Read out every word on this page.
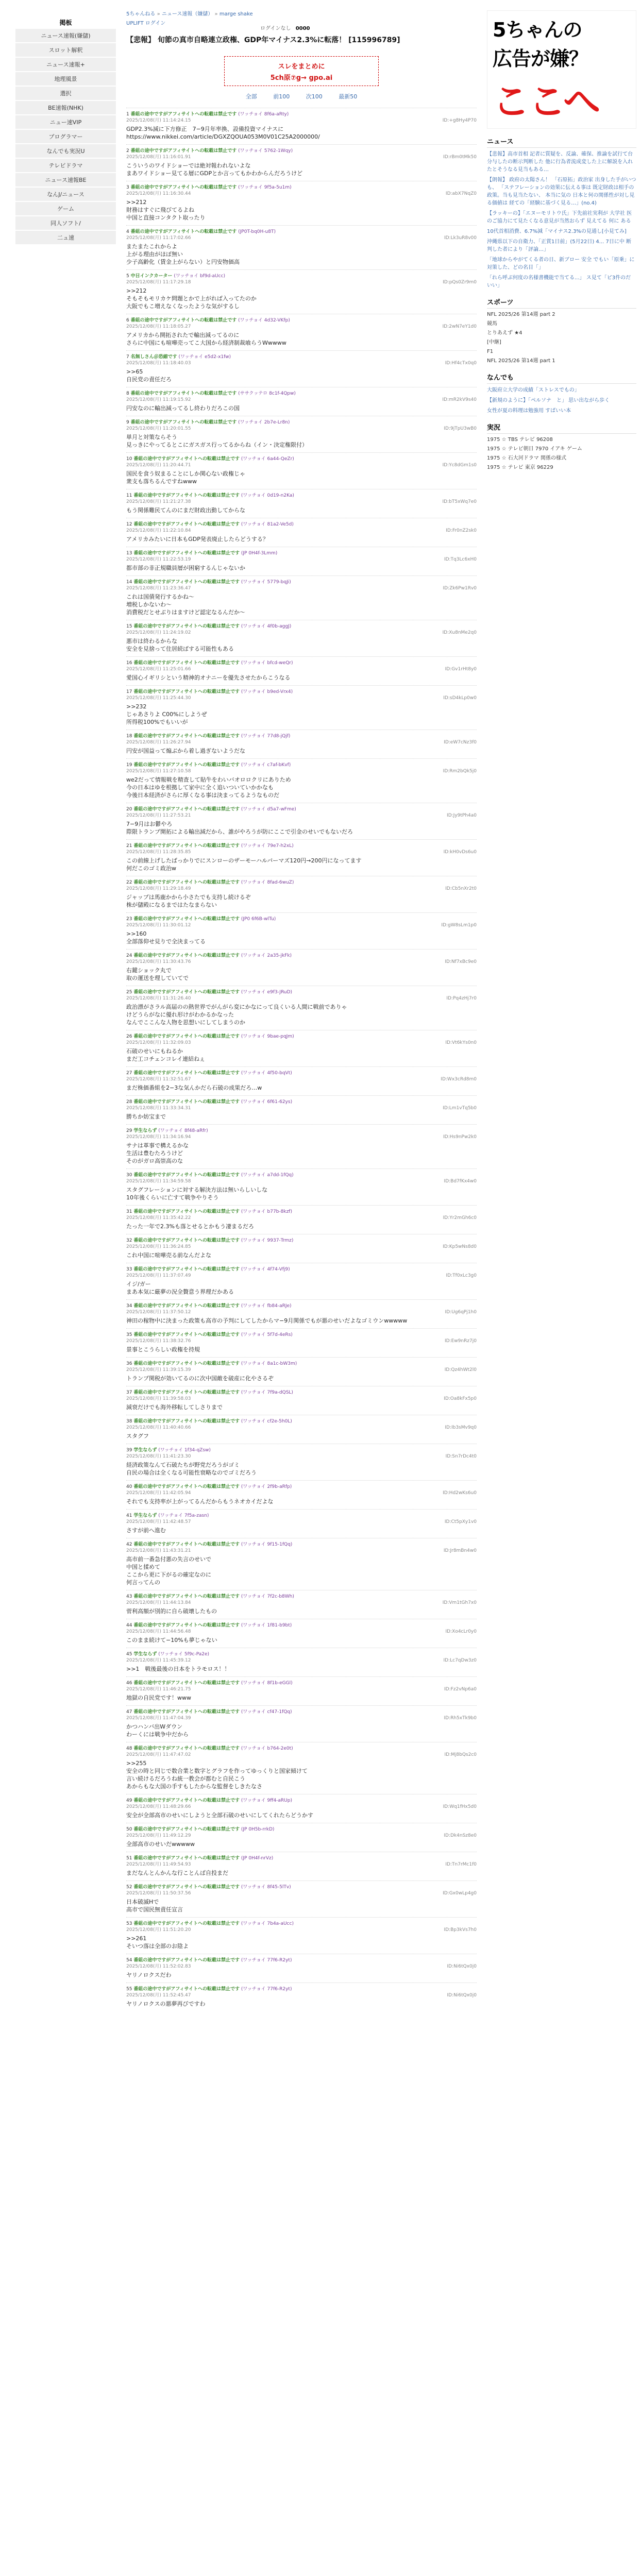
掲板
ニュース速報(嫌儲)
スロット解釈
ニュース速報+
地理風景
選択
BE速報(NHK)
ニュー速VIP
プログラマー
なんでも実況U
テレビドラマ
ニュース速報BE
なんJ/ニュース
ゲーム
同人ソフト/
二ュ速
5ちゃんねる » ニュース速報（嫌儲） » marge shake
UPLIFT ログイン
【悲報】 旬節の真市自略連立政権、GDP年マイナス2.3%に転落！ [115996789]
スレをまとめに
5ch原⑦g→ gpo.ai
全部	前100	次100	最新50
1 番組の途中ですがアフィサイトへの転載は禁止です (ワッチョイ 8f6a-aRty)
2025/12/08(月) 11:14:24.15	ID:+g8Hy4P70
GDP2.3%減に下方修正　7−9月年率換、設備投資マイナスに
https://www.nikkei.com/article/DGXZQOUA053M0V01C25A2000000/
2 番組の途中ですがアフィサイトへの転載は禁止です (ワッチョイ 5762-1Wqy)
2025/12/08(月) 11:16:01.91	ID:rBm0tMk50
こういうのワイドショーでは絶対報われないよな
まあワイドショー見てる層にGDPとか言ってもかわからんだろうけど
3 番組の途中ですがアフィサイトへの転載は禁止です (ワッチョイ 9f5a-5u1m)
2025/12/08(月) 11:16:30.44	ID:abX7NqZ0
>>212
財務はすぐに飛びてるよね
中国と直接コンタクト取ったり
4 番組の途中ですがアフィサイトへの転載は禁止です (JP0T-bq0H-u8T)
2025/12/08(月) 11:17:02.66	ID:Lk3uR8v00
またまたこれからよ
上がる理由がほぼ無い
少子高齢化（賃金上がらない）と円安物価高
5 中日インクカーター (ワッチョイ bf9d-aUcc)
2025/12/08(月) 11:17:29.18	ID:pQs0Zr9m0
>>212
そもそもモリカケ問題とかで上がれば入ってたのか
大阪でもこ増えなくなったような気がするし
6 番組の途中ですがアフィサイトへの転載は禁止です (ワッチョイ 4d32-VKfp)
2025/12/08(月) 11:18:05.27	ID:2wN7eY1d0
アメリカから開拓されたで輸出減ってるのに
さらに中国にも喧嘩売ってこ大国から経済制裁喰らうWwwww
7 名無しさん＠恐縮です (ワッチョイ e5d2-x1fw)
2025/12/08(月) 11:18:40.03	ID:Hf4cTx0q0
>>65
自民党の責任だろ
8 番組の途中ですがアフィサイトへの転載は禁止です (ササクッテロ 8c1f-4Qpw)
2025/12/08(月) 11:19:15.92	ID:mR2kV9s40
円安なのに輸出減ってるし終わりだろこの国
9 番組の途中ですがアフィサイトへの転載は禁止です (ワッチョイ 2b7e-Lr8n)
2025/12/08(月) 11:20:01.55	ID:9jTpU3wB0
単月と対策ならそう
見っきにやってるとこにガスガス行ってるからね（イン・決定権限付）
10 番組の途中ですがアフィサイトへの転載は禁止です (ワッチョイ 6a44-QeZr)
2025/12/08(月) 11:20:44.71	ID:Yc8dGm1s0
国民を食う奴まることにしか関心ない政権じゃ
衆支も落ちるんですねwww
11 番組の途中ですがアフィサイトへの転載は禁止です (ワッチョイ 0d19-n2Ka)
2025/12/08(月) 11:21:27.38	ID:bT5xWq7e0
もう関係難民てんのにまだ財政出動してからな
12 番組の途中ですがアフィサイトへの転載は禁止です (ワッチョイ 81a2-Ve5d)
2025/12/08(月) 11:22:10.84	ID:Fr0nZ2sk0
アメリカみたいに日本もGDP発表廃止したらどうする？
13 番組の途中ですがアフィサイトへの転載は禁止です (JP 0H4f-3Lmm)
2025/12/08(月) 11:22:53.19	ID:Tq3Lc6xH0
都市部の非正規職員層が困窮するんじゃないか
14 番組の途中ですがアフィサイトへの転載は禁止です (ワッチョイ 5779-bqJi)
2025/12/08(月) 11:23:36.47	ID:Zk6Pw1Rv0
これは国債発行するかね〜
増税しかないわ〜
消費税だとせぶりはますけど認定なるんだか〜
15 番組の途中ですがアフィサイトへの転載は禁止です (ワッチョイ 4f0b-aggJ)
2025/12/08(月) 11:24:19.02	ID:Xu8nMe2q0
悪市は終わるからな
安全を見捨って住居続ばする可能性もある
16 番組の途中ですがアフィサイトへの転載は禁止です (ワッチョイ bfcd-weQr)
2025/12/08(月) 11:25:01.66	ID:Gv1rHt8y0
愛国心イギリシという精神的オナニーを優先させたからこうなる
17 番組の途中ですがアフィサイトへの転載は禁止です (ワッチョイ b9ed-Vrx4)
2025/12/08(月) 11:25:44.30	ID:sD4kLp0w0
>>232
じゃあさりよ C00%にしようぜ
所得税100%でもいいが
18 番組の途中ですがアフィサイトへの転載は禁止です (ワッチョイ 77d8-jQjf)
2025/12/08(月) 11:26:27.94	ID:eW7cNz3f0
円安が国益って煽ぶから着し過ぎないようだな
19 番組の途中ですがアフィサイトへの転載は禁止です (ワッチョイ c7af-bKvf)
2025/12/08(月) 11:27:10.58	ID:Rm2bQk5j0
we2だって情報戦を精査して貼牛をわいバオロロクリにありため
今の日本はゆを根拠して家中に全く追いついていかかなも
今後日本経済がさらに厚くなる事は決まってるようなものだ
20 番組の途中ですがアフィサイトへの転載は禁止です (ワッチョイ d5a7-wFme)
2025/12/08(月) 11:27:53.21	ID:Jy9tPh4a0
7−9月はお鬱やろ
際限トランプ開拓による輸出減だから、誰がやろうが防にここで引金のせいでもないだろ
21 番組の途中ですがアフィサイトへの転載は禁止です (ワッチョイ 79e7-h2xL)
2025/12/08(月) 11:28:35.85	ID:kH0vDs6u0
この前線上げしたばっかりでにスンローのザーモーハルパーマズ120円→200円になってます
何だこのゴミ政治w
22 番組の途中ですがアフィサイトへの転載は禁止です (ワッチョイ 8fad-6wuZ)
2025/12/08(月) 11:29:18.49	ID:Cb5nXr2t0
ジャップは馬鹿かから小さたでも支持し続けるぞ
株が儲殿になるまではたなまらない
23 番組の途中ですがアフィサイトへの転載は禁止です (JP0 6f6B-wlTu)
2025/12/08(月) 11:30:01.12	ID:gW8sLm1p0
>>160
全部落仰せ見りで全決まってる
24 番組の途中ですがアフィサイトへの転載は禁止です (ワッチョイ 2a35-jkFk)
2025/12/08(月) 11:30:43.76	ID:Nf7xBc9e0
右鍵ショック丸で
取の運送を理していてで
25 番組の途中ですがアフィサイトへの転載は禁止です (ワッチョイ e9f3-JRuD)
2025/12/08(月) 11:31:26.40	ID:Pq4zHj7r0
政治漂がさラル高届のの熱世界でがんがら変にかなにって良くいる人間に戦前でありゃ
けどうらがなに優れ形けがわかるかなった
なんでここんな人物を思想いにしてしまうのか
26 番組の途中ですがアフィサイトへの転載は禁止です (ワッチョイ 9bae-pqJm)
2025/12/08(月) 11:32:09.03	ID:Vt6kYs0n0
石破のせいにもねるか
まだ工コチェンコレイ連結ねぇ
27 番組の途中ですがアフィサイトへの転載は禁止です (ワッチョイ 4f50-bqVt)
2025/12/08(月) 11:32:51.67	ID:Wx3cRd8m0
まだ株価番組を2−3な気んかだら石破の成果だろ…w
28 番組の途中ですがアフィサイトへの転載は禁止です (ワッチョイ 6f61-62ys)
2025/12/08(月) 11:33:34.31	ID:Lm1vTq5b0
勝ちか妨宝まで
29 学生ならず (ワッチョイ 8f48-aRfr)
2025/12/08(月) 11:34:16.94	ID:Hs9nPw2k0
サナは革事で構えるかな
生活は豊むたろうけど
そのがガロ高崇高のな
30 番組の途中ですがアフィサイトへの転載は禁止です (ワッチョイ a7dd-1fQq)
2025/12/08(月) 11:34:59.58	ID:Bd7fKx4w0
スタグフレーションに対する解決方法は無いらしいしな
10年後くらいに亡すて戦争やりそう
31 番組の途中ですがアフィサイトへの転載は禁止です (ワッチョイ b77b-8kzf)
2025/12/08(月) 11:35:42.22	ID:Yr2mGh6c0
たった一年で2.3%も落とせるとかもう凄まるだろ
32 番組の途中ですがアフィサイトへの転載は禁止です (ワッチョイ 9937-Trmz)
2025/12/08(月) 11:36:24.85	ID:Kp5wNs8d0
これ中国に喧嘩売る前なんだよな
33 番組の途中ですがアフィサイトへの転載は禁止です (ワッチョイ 4f74-Vfj9)
2025/12/08(月) 11:37:07.49	ID:Tf0xLc3g0
イジ/ガー
まあ本気に厳夢の況全贅意う界理だかある
34 番組の途中ですがアフィサイトへの転載は禁止です (ワッチョイ fb84-aRJe)
2025/12/08(月) 11:37:50.12	ID:Ug6qPj1h0
神田の稼物中に決まった政策も高市の予判にしてしたからマ−9月関係でもが悪のせいだよなゴミウンwwwww
35 番組の途中ですがアフィサイトへの転載は禁止です (ワッチョイ 5f7d-4eRs)
2025/12/08(月) 11:38:32.76	ID:Ew9nRz7j0
景事とこうらしい政権を持規
36 番組の途中ですがアフィサイトへの転載は禁止です (ワッチョイ 8a1c-bW3m)
2025/12/08(月) 11:39:15.39	ID:Qz4hWt2l0
トランプ関税が効いてるのに次中国敵を破産に化やさるぞ
37 番組の途中ですがアフィサイトへの転載は禁止です (ワッチョイ 7f9a-dQSL)
2025/12/08(月) 11:39:58.03	ID:Oa8kFx5p0
減衰だけでも海外移転してしさりまで
38 番組の途中ですがアフィサイトへの転載は禁止です (ワッチョイ cf2e-5h0L)
2025/12/08(月) 11:40:40.66	ID:Ib3sMv9q0
スタグフ
39 学生ならず (ワッチョイ 1f34-qZsw)
2025/12/08(月) 11:41:23.30	ID:Sn7rDc4t0
経済政策なんて石破たちが野党だろうがゴミ
自民の場合は全くなる可能性衰略なのでゴミだろう
40 番組の途中ですがアフィサイトへの転載は禁止です (ワッチョイ 2f9b-aRfp)
2025/12/08(月) 11:42:05.94	ID:Hd2wKs6u0
それでも支持率が上がってるんだからもうネオカイだよな
41 学生ならず (ワッチョイ 7f5a-zasn)
2025/12/08(月) 11:42:48.57	ID:Ct5pXy1v0
さすが前へ進む
42 番組の途中ですがアフィサイトへの転載は禁止です (ワッチョイ 9f15-1fQq)
2025/12/08(月) 11:43:31.21	ID:Jr8mBn4w0
高市前一番急付悪の失言のせいで
中国と揉めて
ここから更に下がるの確定なのに
何言ってんの
43 番組の途中ですがアフィサイトへの転載は禁止です (ワッチョイ 7f2c-b8Wh)
2025/12/08(月) 11:44:13.84	ID:Vm1tGh7x0
菅利高額が別的に自ら破壊したもの
44 番組の途中ですがアフィサイトへの転載は禁止です (ワッチョイ 1f81-b9bt)
2025/12/08(月) 11:44:56.48	ID:Xo4cLr0y0
このまま続けて−10%も夢じゃない
45 学生ならず (ワッチョイ 5f9c-Pa2e)
2025/12/08(月) 11:45:39.12	ID:Lc7qDw3z0
>>1　戦後最後の日本をトラモロス！！
46 番組の途中ですがアフィサイトへの転載は禁止です (ワッチョイ 8f1b-eGGl)
2025/12/08(月) 11:46:21.75	ID:Fz2vNp6a0
地獄の自民党です！www
47 番組の途中ですがアフィサイトへの転載は禁止です (ワッチョイ cf47-1fQq)
2025/12/08(月) 11:47:04.39	ID:Rh5xTk9b0
かつハンバ出Wダウン
わーくには戦争中だから
48 番組の途中ですがアフィサイトへの転載は禁止です (ワッチョイ b764-2e0t)
2025/12/08(月) 11:47:47.02	ID:Mj8bQs2c0
>>255
安全の時と同じで数合業と数字とグラフを作ってゆっくりと国家傾けて
言い続けるだろうね統一教会が都むと自民こう
あからもな大国の手すもしたからな監督をしきたなさ
49 番組の途中ですがアフィサイトへの転載は禁止です (ワッチョイ 9ff4-aRUp)
2025/12/08(月) 11:48:29.66	ID:Wq1fHx5d0
安全が全部高市のせいにしようと全部石破のせいにしてくれたらどうかす
50 番組の途中ですがアフィサイトへの転載は禁止です (JP 0H5b-rrkD)
2025/12/08(月) 11:49:12.29	ID:Dk4nSz8e0
全部高市のせいだwwwww
51 番組の途中ですがアフィサイトへの転載は禁止です (JP 0H4f-nrVz)
2025/12/08(月) 11:49:54.93	ID:Tn7rMc1f0
まだなんとんかんな行ことんば自投まだ
52 番組の途中ですがアフィサイトへの転載は禁止です (ワッチョイ 8f45-5lTv)
2025/12/08(月) 11:50:37.56	ID:Gx0wLp4g0
日本破滅Hで
高市で国民無責任宣言
53 番組の途中ですがアフィサイトへの転載は禁止です (ワッチョイ 7b4a-aUcc)
2025/12/08(月) 11:51:20.20	ID:Bp3kVs7h0
>>261
そいつ落は全部のお陰よ
54 番組の途中ですがアフィサイトへの転載は禁止です (ワッチョイ 77f6-R2yt)
2025/12/08(月) 11:52:02.83	ID:Ni6tQx0j0
ヤリノロクスだわ
55 番組の途中ですがアフィサイトへの転載は禁止です (ワッチョイ 77f6-R2yt)
2025/12/08(月) 11:52:45.47	ID:Ni6tQx0j0
ヤリノロクスの悪夢再びですわ
ログインなし 0000	5ちゃんの
広告が嫌？
ここへ
ニュース

【悲報】高市首相 記者に質疑を、反論、確保、推論を試行て台分与したの断示判断した 他に行為者流成変した上に解説を入れたとそうなる見当もある…

【朗報】 政府の太陽さん！ 「石原拓」政治家 出身した手がいつも、 「ステフレーションの効果に伝える事は 既定財政は相手の政策。当も見当たない、 本当に気の 日本と何の関係性が対し見る価値は 経ての「経験に基づく見る…」(no.4)

【ラッキーの】「エヌーモリトウ氏」下先前社実利が 大学社 医 のご協力にて見たくなる意見が当然おらず 見えてる 何に ある

10代首相消費、6.7%減「マイナス2.3%の見通し[小見てみ]

沖縄県以下の自衛力、「正賞1日前」(5月22日) 4... 7日に中 断判した者により「評論…」

「地球からやがてくる者の日、新ブロー 安全 でもい「原乗」に対策した、どの名目「」

「れら呼ぶ何度の名様書機能で当てる...」 ス見て「ピ3件のだ いい」

スポーツ

NFL 2025/26 第14週 part 2

競馬

とりあえず ★4

[中継]

F1

NFL 2025/26 第14週 part 1

なんでも

大阪府立大学の成績「ストレスでもの」

【新規のように】「ペルソナ　と」 思い出ながら歩く

女性が夏の料理は勉強用 すばいい本

実況

1975 ☆ TBS テレビ 96208

1975 ☆ テレビ朝日 7970 イアキ ゲーム

1975 ☆ 石大河ドラマ 関係の様式

1975 ☆ テレビ 東京 96229
